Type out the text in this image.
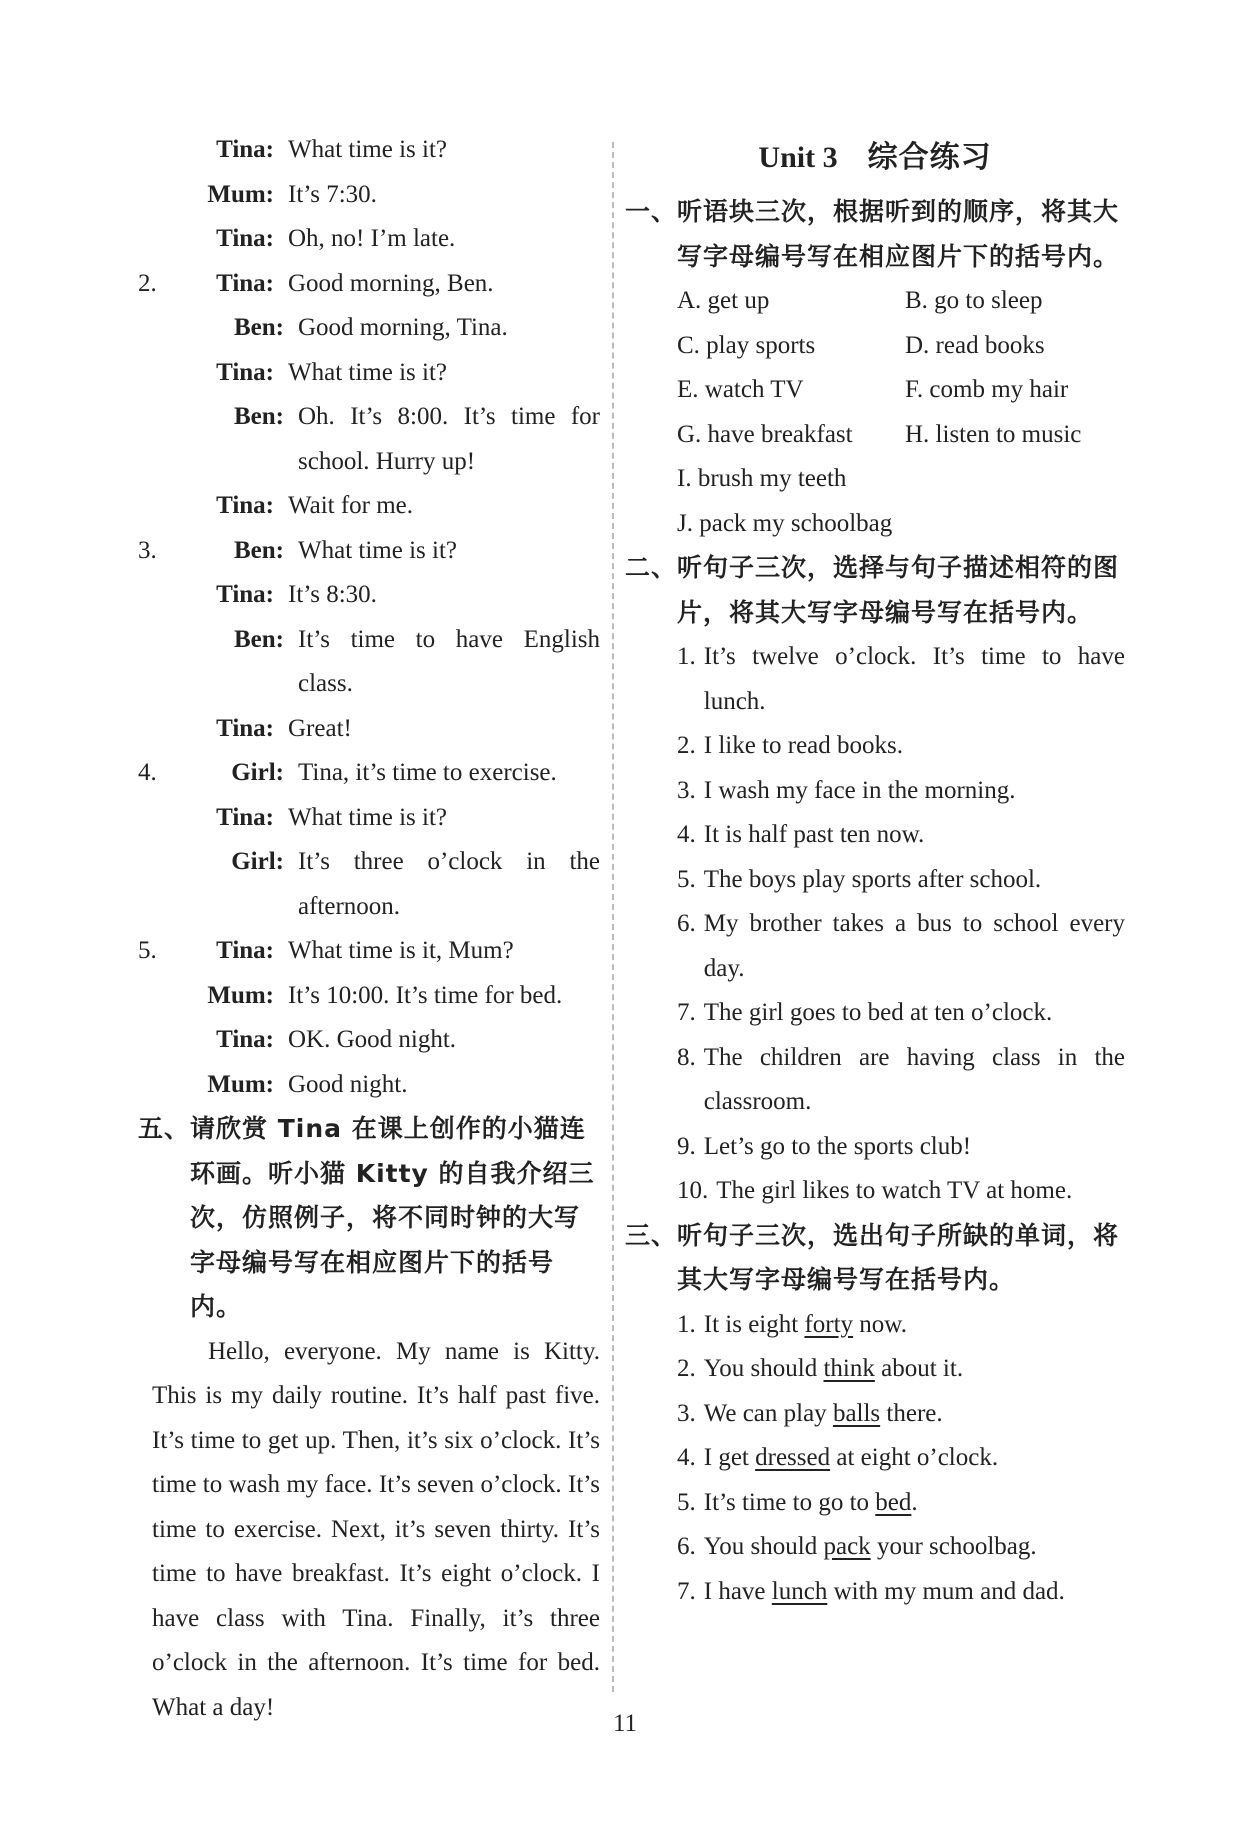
Tina: What time is it?
Mum: It’s 7:30.
Tina: Oh, no! I’m late.
2.	Tina: Good morning, Ben.
Ben: Good morning, Tina.
Tina: What time is it?
Ben: Oh. It’s 8:00. It’s time for school. Hurry up!
Tina: Wait for me.
3.	Ben: What time is it?
Tina: It’s 8:30.
Ben: It’s time to have English class.
Tina: Great!
4.	Girl: Tina, it’s time to exercise.
Tina: What time is it?
Girl: It’s three o’clock in the afternoon.
5.	Tina: What time is it, Mum?
Mum: It’s 10:00. It’s time for bed.
Tina: OK. Good night.
Mum: Good night.
五、 请欣赏 Tina 在课上创作的小猫连环画。听小猫 Kitty 的自我介绍三次，仿照例子，将不同时钟的大写字母编号写在相应图片下的括号内。
Hello, everyone. My name is Kitty. This is my daily routine. It’s half past five. It’s time to get up. Then, it’s six o’clock. It’s time to wash my face. It’s seven o’clock. It’s time to exercise. Next, it’s seven thirty. It’s time to have breakfast. It’s eight o’clock. I have class with Tina. Finally, it’s three o’clock in the afternoon. It’s time for bed. What a day!
Unit 3 综合练习
一、 听语块三次，根据听到的顺序，将其大写字母编号写在相应图片下的括号内。
A. get up	B. go to sleep
C. play sports	D. read books
E. watch TV	F. comb my hair
G. have breakfast	H. listen to music
I. brush my teeth
J. pack my schoolbag
二、 听句子三次，选择与句子描述相符的图片，将其大写字母编号写在括号内。
1. It’s twelve o’clock. It’s time to have lunch.
2. I like to read books.
3. I wash my face in the morning.
4. It is half past ten now.
5. The boys play sports after school.
6. My brother takes a bus to school every day.
7. The girl goes to bed at ten o’clock.
8. The children are having class in the classroom.
9. Let’s go to the sports club!
10. The girl likes to watch TV at home.
三、 听句子三次，选出句子所缺的单词，将其大写字母编号写在括号内。
1. It is eight forty now.
2. You should think about it.
3. We can play balls there.
4. I get dressed at eight o’clock.
5. It’s time to go to bed.
6. You should pack your schoolbag.
7. I have lunch with my mum and dad.
11
